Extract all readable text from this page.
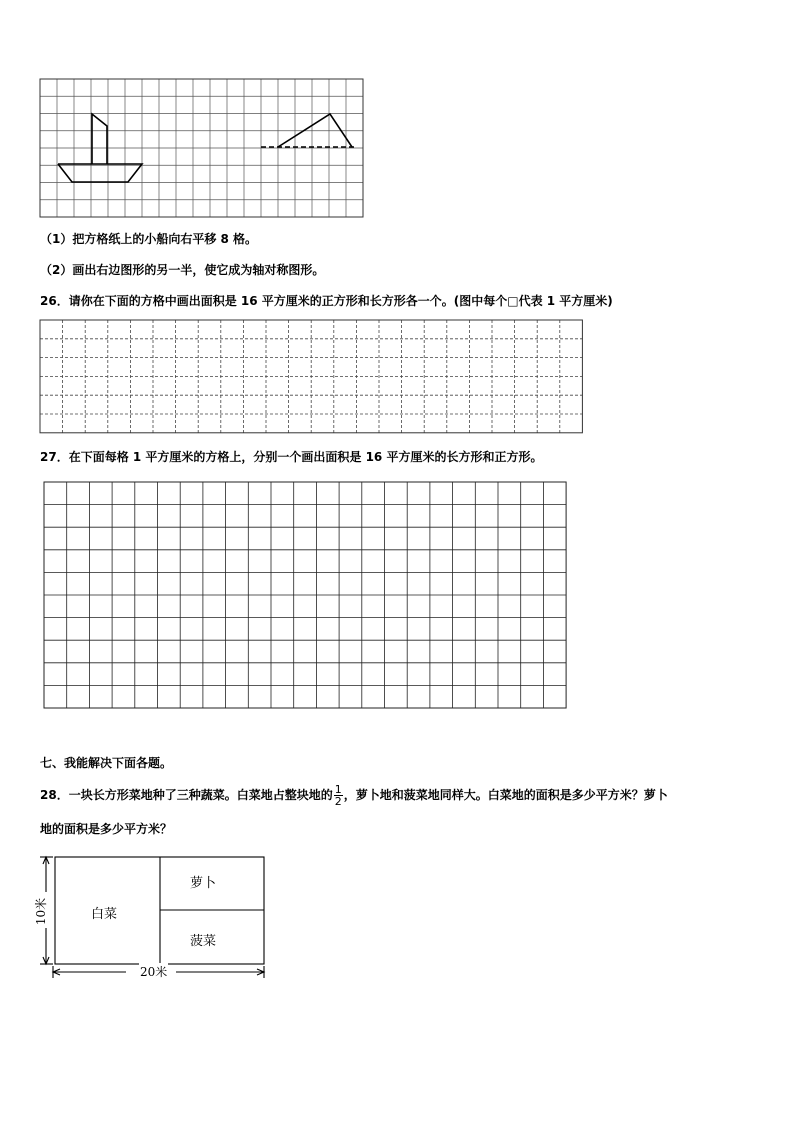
（1）把方格纸上的小船向右平移 8 格。
（2）画出右边图形的另一半，使它成为轴对称图形。
26．请你在下面的方格中画出面积是 16 平方厘米的正方形和长方形各一个。(图中每个□代表 1 平方厘米)
27．在下面每格 1 平方厘米的方格上，分别一个画出面积是 16 平方厘米的长方形和正方形。
七、我能解决下面各题。
28．一块长方形菜地种了三种蔬菜。白菜地占整块地的 $\frac{1}{2}$ ，萝卜地和菠菜地同样大。白菜地的面积是多少平方米？萝卜
地的面积是多少平方米？
白菜
萝卜
菠菜
20米
10米
